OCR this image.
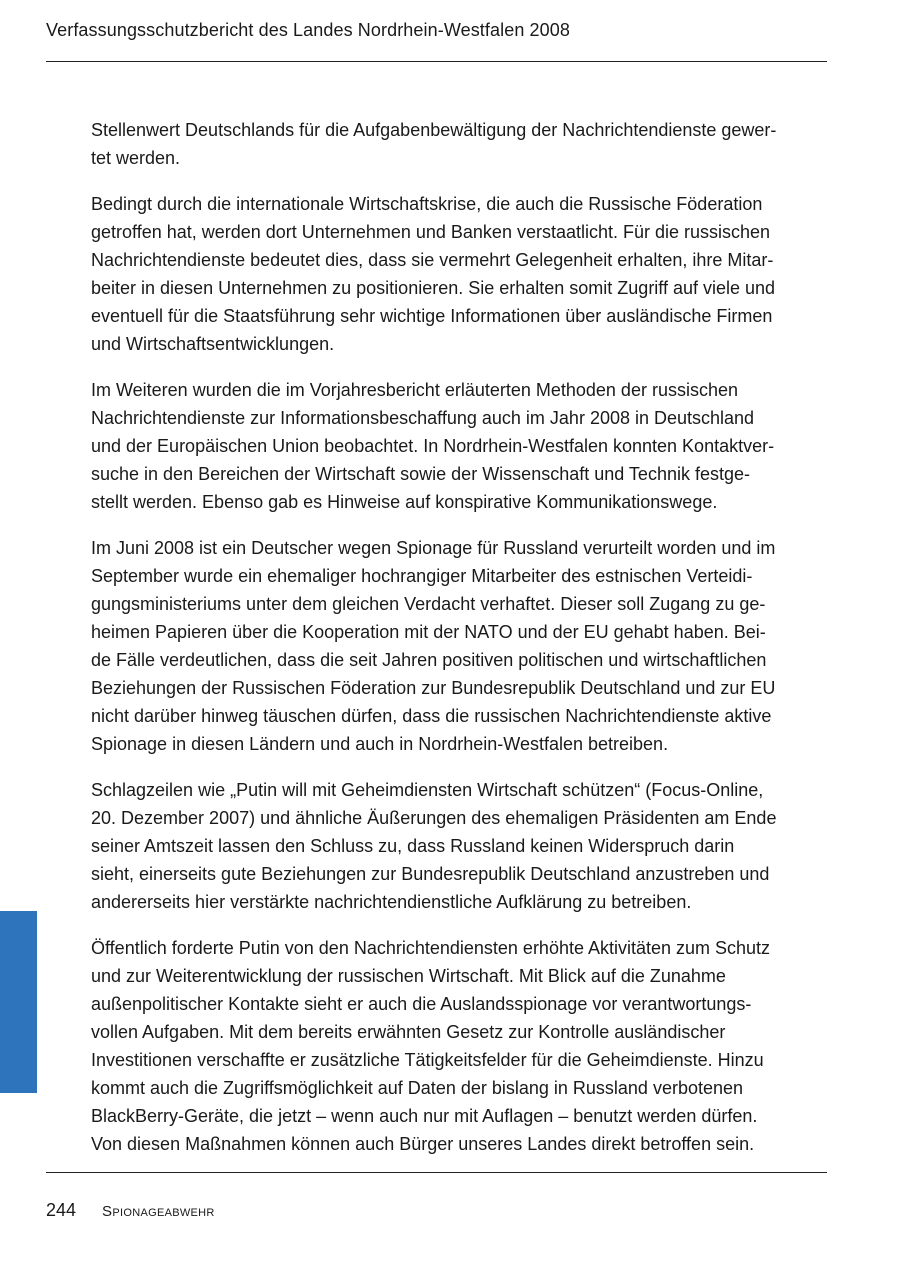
Verfassungsschutzbericht des Landes Nordrhein-Westfalen 2008

Stellenwert Deutschlands für die Aufgabenbewältigung der Nachrichtendienste gewer-
tet werden.

Bedingt durch die internationale Wirtschaftskrise, die auch die Russische Föderation
getroffen hat, werden dort Unternehmen und Banken verstaatlicht. Für die russischen
Nachrichtendienste bedeutet dies, dass sie vermehrt Gelegenheit erhalten, ihre Mitar-
beiter in diesen Unternehmen zu positionieren. Sie erhalten somit Zugriff auf viele und
eventuell für die Staatsführung sehr wichtige Informationen über ausländische Firmen
und Wirtschaftsentwicklungen.

Im Weiteren wurden die im Vorjahresbericht erläuterten Methoden der russischen
Nachrichtendienste zur Informationsbeschaffung auch im Jahr 2008 in Deutschland
und der Europäischen Union beobachtet. In Nordrhein-Westfalen konnten Kontaktver-
suche in den Bereichen der Wirtschaft sowie der Wissenschaft und Technik festge-
stellt werden. Ebenso gab es Hinweise auf konspirative Kommunikationswege.

Im Juni 2008 ist ein Deutscher wegen Spionage für Russland verurteilt worden und im
September wurde ein ehemaliger hochrangiger Mitarbeiter des estnischen Verteidi-
gungsministeriums unter dem gleichen Verdacht verhaftet. Dieser soll Zugang zu ge-
heimen Papieren über die Kooperation mit der NATO und der EU gehabt haben. Bei-
de Fälle verdeutlichen, dass die seit Jahren positiven politischen und wirtschaftlichen
Beziehungen der Russischen Föderation zur Bundesrepublik Deutschland und zur EU
nicht darüber hinweg täuschen dürfen, dass die russischen Nachrichtendienste aktive
Spionage in diesen Ländern und auch in Nordrhein-Westfalen betreiben.

Schlagzeilen wie „Putin will mit Geheimdiensten Wirtschaft schützen“ (Focus-Online,
20. Dezember 2007) und ähnliche Äußerungen des ehemaligen Präsidenten am Ende
seiner Amtszeit lassen den Schluss zu, dass Russland keinen Widerspruch darin
sieht, einerseits gute Beziehungen zur Bundesrepublik Deutschland anzustreben und
andererseits hier verstärkte nachrichtendienstliche Aufklärung zu betreiben.

Öffentlich forderte Putin von den Nachrichtendiensten erhöhte Aktivitäten zum Schutz
und zur Weiterentwicklung der russischen Wirtschaft. Mit Blick auf die Zunahme
außenpolitischer Kontakte sieht er auch die Auslandsspionage vor verantwortungs-
vollen Aufgaben. Mit dem bereits erwähnten Gesetz zur Kontrolle ausländischer
Investitionen verschaffte er zusätzliche Tätigkeitsfelder für die Geheimdienste. Hinzu
kommt auch die Zugriffsmöglichkeit auf Daten der bislang in Russland verbotenen
BlackBerry-Geräte, die jetzt – wenn auch nur mit Auflagen – benutzt werden dürfen.
Von diesen Maßnahmen können auch Bürger unseres Landes direkt betroffen sein.

244 Spionageabwehr
